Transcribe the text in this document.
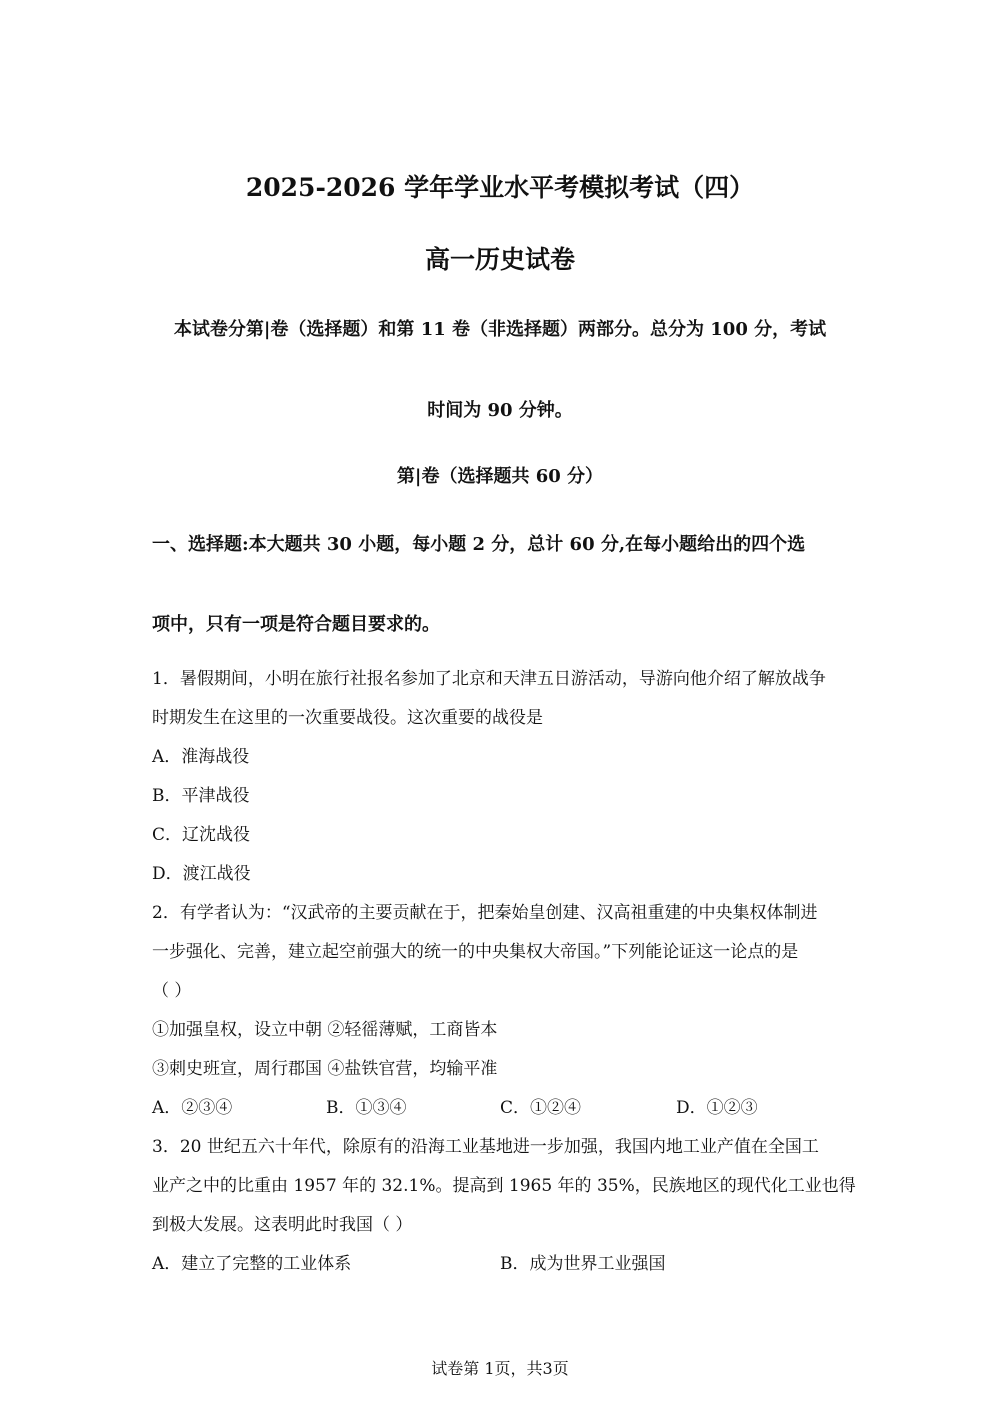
2025-2026 学年学业水平考模拟考试（四）
高一历史试卷
本试卷分第|卷（选择题）和第 11 卷（非选择题）两部分。总分为 100 分，考试
时间为 90 分钟。
第|卷（选择题共 60 分）
一、选择题:本大题共 30 小题，每小题 2 分，总计 60 分,在每小题给出的四个选
项中，只有一项是符合题目要求的。
1．暑假期间，小明在旅行社报名参加了北京和天津五日游活动，导游向他介绍了解放战争
时期发生在这里的一次重要战役。这次重要的战役是
A．淮海战役
B．平津战役
C．辽沈战役
D．渡江战役
2．有学者认为：“汉武帝的主要贡献在于，把秦始皇创建、汉高祖重建的中央集权体制进
一步强化、完善，建立起空前强大的统一的中央集权大帝国。”下列能论证这一论点的是
（ ）
①加强皇权，设立中朝 ②轻徭薄赋，工商皆本
③刺史班宣，周行郡国 ④盐铁官营，均输平准
A．②③④	B．①③④	C．①②④	D．①②③
3．20 世纪五六十年代，除原有的沿海工业基地进一步加强，我国内地工业产值在全国工
业产之中的比重由 1957 年的 32.1%。提高到 1965 年的 35%，民族地区的现代化工业也得
到极大发展。这表明此时我国（ ）
A．建立了完整的工业体系	B．成为世界工业强国
试卷第 1页，共3页
